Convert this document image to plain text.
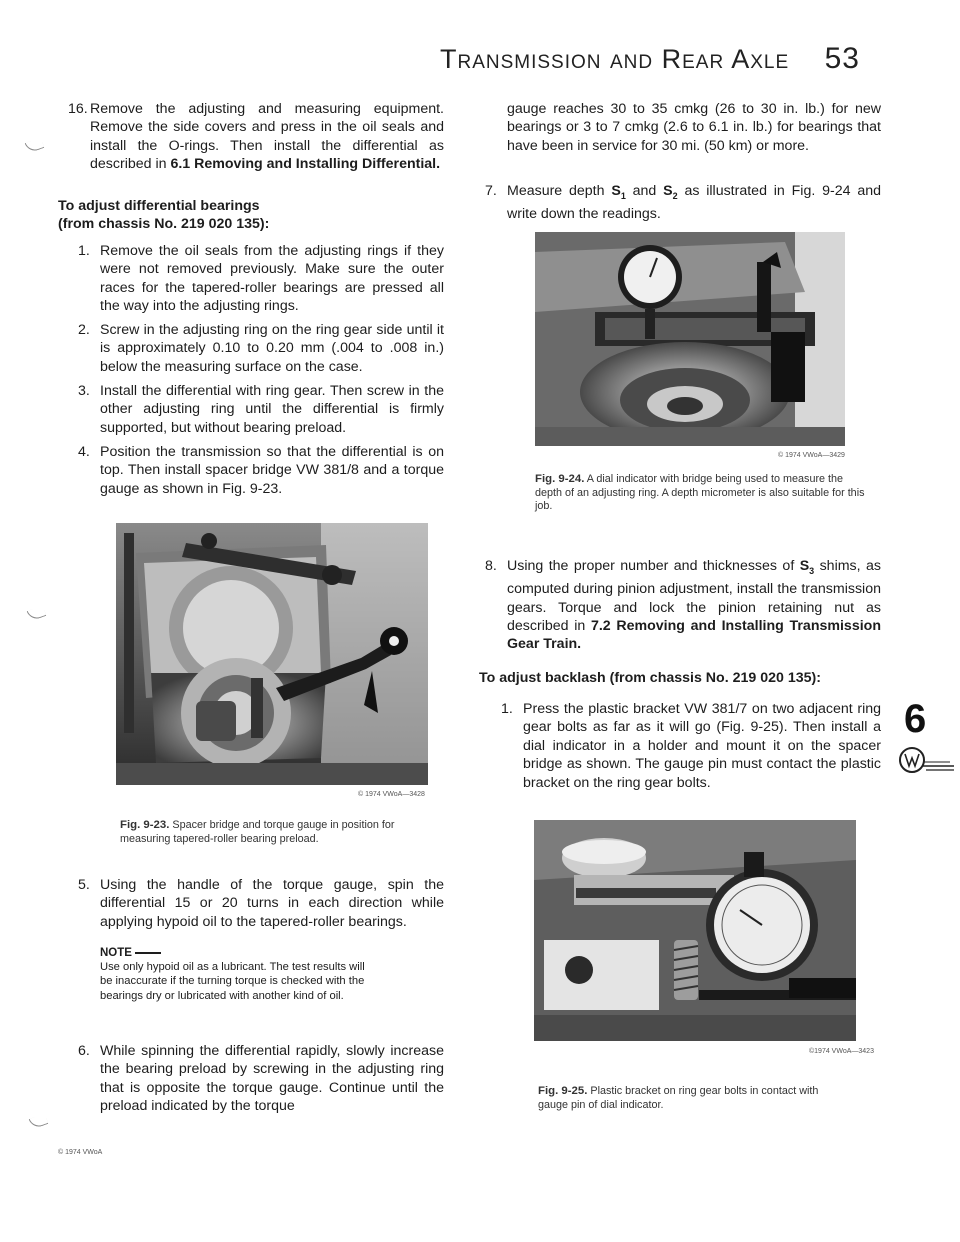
Transmission and Rear Axle 53
16. Remove the adjusting and measuring equipment. Remove the side covers and press in the oil seals and install the O-rings. Then install the differential as described in 6.1 Removing and Installing Differential.
To adjust differential bearings (from chassis No. 219 020 135):
1. Remove the oil seals from the adjusting rings if they were not removed previously. Make sure the outer races for the tapered-roller bearings are pressed all the way into the adjusting rings.
2. Screw in the adjusting ring on the ring gear side until it is approximately 0.10 to 0.20 mm (.004 to .008 in.) below the measuring surface on the case.
3. Install the differential with ring gear. Then screw in the other adjusting ring until the differential is firmly supported, but without bearing preload.
4. Position the transmission so that the differential is on top. Then install spacer bridge VW 381/8 and a torque gauge as shown in Fig. 9-23.
© 1974 VWoA—3428
Fig. 9-23. Spacer bridge and torque gauge in position for measuring tapered-roller bearing preload.
5. Using the handle of the torque gauge, spin the differential 15 or 20 turns in each direction while applying hypoid oil to the tapered-roller bearings.
NOTE
Use only hypoid oil as a lubricant. The test results will be inaccurate if the turning torque is checked with the bearings dry or lubricated with another kind of oil.
6. While spinning the differential rapidly, slowly increase the bearing preload by screwing in the adjusting ring that is opposite the torque gauge. Continue until the preload indicated by the torque
© 1974 VWoA
gauge reaches 30 to 35 cmkg (26 to 30 in. lb.) for new bearings or 3 to 7 cmkg (2.6 to 6.1 in. lb.) for bearings that have been in service for 30 mi. (50 km) or more.
7. Measure depth $S_1$ and $S_2$ as illustrated in Fig. 9-24 and write down the readings.
© 1974 VWoA—3429
Fig. 9-24. A dial indicator with bridge being used to measure the depth of an adjusting ring. A depth micrometer is also suitable for this job.
8. Using the proper number and thicknesses of $S_3$ shims, as computed during pinion adjustment, install the transmission gears. Torque and lock the pinion retaining nut as described in 7.2 Removing and Installing Transmission Gear Train.
To adjust backlash (from chassis No. 219 020 135):
1. Press the plastic bracket VW 381/7 on two adjacent ring gear bolts as far as it will go (Fig. 9-25). Then install a dial indicator in a holder and mount it on the spacer bridge as shown. The gauge pin must contact the plastic bracket on the ring gear bolts.
©1974 VWoA—3423
Fig. 9-25. Plastic bracket on ring gear bolts in contact with gauge pin of dial indicator.
6
